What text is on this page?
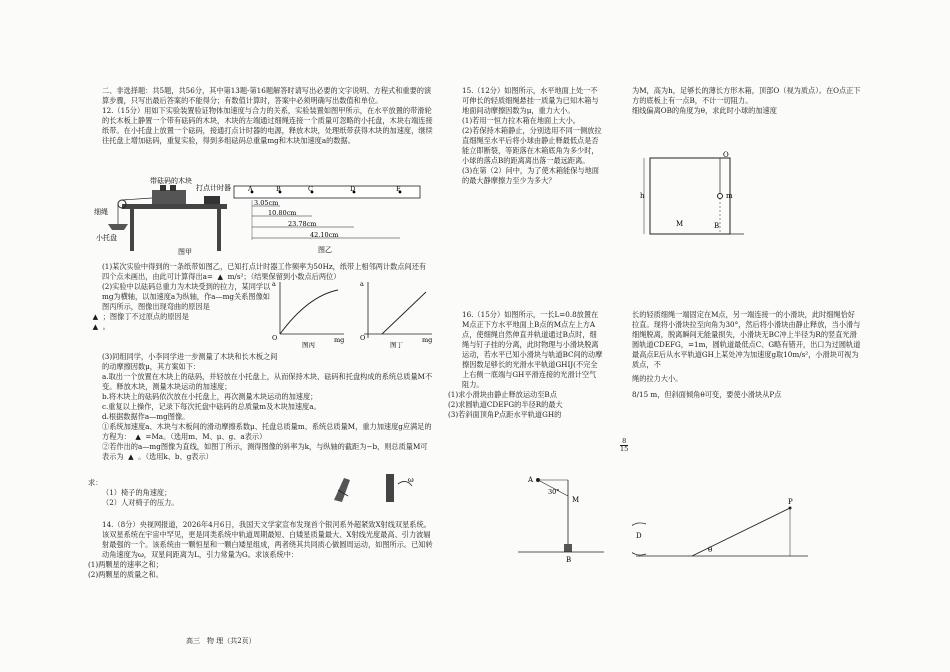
二、非选择题：共5题，共56分，其中第13题-第16题解答时请写出必要的文字说明、方程式和重要的演算步骤，只写出最后答案的不能得分；有数值计算时，答案中必须明确写出数值和单位。

12.（15分）用如下实验装置验证物体加速度与合力的关系，实验装置如图甲所示，在水平放置的带滑轮的长木板上静置一个带有砝码的木块，木块的左端通过细绳连接一个质量可忽略的小托盘，木块右端连接纸带。在小托盘上放置一个砝码，接通打点计时器的电源，释放木块，处理纸带获得木块的加速度，继续往托盘上增加砝码，重复实验，得到多组砝码总重量mg和木块加速度a的数据。

带砝码的木块
打点计时器
细绳
小托盘
图甲
A	B	C	D	E
3.05cm
10.80cm
23.78cm
42.10cm
图乙

(1)某次实验中得到的一条纸带如图乙，已知打点计时器工作频率为50Hz，纸带上相邻两计数点间还有四个点未画出，由此可计算得出a=  ▲  m/s²；（结果保留到小数点后两位）

(2)实验中以砝码总重力为木块受到的拉力，某同学以mg为横轴，以加速度a为纵轴，作a—mg关系图像如图丙所示，图像出现弯曲的原因是

▲  ；图像丁不过原点的原因是

▲  。

a
O	mg
图丙
a
O	mg
图丁

(3)同组同学，小李同学进一步测量了木块和长木板之间的动摩擦因数μ，其方案如下：

a.取出一个放置在木块上的砝码，并轻放在小托盘上，从而保持木块、砝码和托盘构成的系统总质量M不变。释放木块，测量木块运动的加速度；

b.将木块上的砝码依次放在小托盘上，再次测量木块运动的加速度；

c.重复以上操作，记录下每次托盘中砝码的总质量m及木块加速度a。

d.根据数据作a—mg图像。

①系统加速度a、木块与木板间的滑动摩擦系数μ、托盘总质量m、系统总质量M，重力加速度g应满足的方程为：  ▲  =Ma。（选用m、M、μ、g、a表示）

②若作出的a—mg图像为直线，如图丁所示，测得图像的斜率为k，与纵轴的截距为−b，则总质量M可表示为  ▲  。（选用k、b、g表示）

求：

（1）椅子的角速度；

（2）人对椅子的压力。

ω

14.（8分）央视网报道，2026年4月6日，我国天文学家宣布发现首个银河系外超紧致X射线双星系统。该双星系统在宇宙中罕见，更是同类系统中轨道周期最短、白矮星质量最大、X射线光度最高、引力波辐射最强的一个。该系统由一颗恒星和一颗白矮星组成，两者绕其共同质心做圆周运动，如图所示。已知转动角速度为ω，双星间距离为L，引力常量为G。求该系统中：

(1)两颗星的速率之和；

(2)两颗星的质量之和。

高三　物 理（共2页）

15.（12分）如图所示，水平地面上处一不可伸长的轻质细绳悬挂一质量为已知木箱与地面间动摩擦因数为μ，重力大小。

(1)若用一恒力拉木箱在地面上大小。

(2)若保持木箱静止，分别选用不同一侧放拉直细绳至水平后将小球由静止释最低点是否能立即断裂，等距落在木箱底角为多少时，小球的落点B的距离离出落一最远距离。

(3)在第（2）问中，为了使木箱能保与地面的最大静摩擦力至少为多大？

16.（15分）如图所示，一长L=0.8放置在M点正下方水平地面上B点的M点左上方A点，使细绳自然伸直并轨道通过B点时，细绳与钉子挂的分离，此时物理与小滑块脱离运动，若水平已知小滑块与轨道BC间的动摩擦因数足够长的光滑水平轨道GHIJ(不完全上右侧一底端与GH平滑连接的光滑计空气阻力。

(1)求小滑块由静止释放运动至B点

(2)求圆轨道CDEFG的半径R的最大

(3)若斜面顶角P点距水平轨道GH的

A
30°
M
B

为M，高为h，足够长的薄长方形木箱，顶部O（视为质点）。在O点正下方的底板上有一点B，不计一切阻力。

细线偏离OB的角度为θ，求此时小球的加速度

O
m
h
M	B

长的轻质细绳一端固定在M点，另一端连接一的小滑块，此时细绳恰好拉直。现将小滑块拉至向角为30°，然后将小滑块由静止释放，当小滑与细绳脱离，脱离瞬间无能量损失，小滑块无BC冲上半径为R的竖直光滑圆轨道CDEFG，=1m，圆轨道最低点C、G略有错开，出口为过圆轨道最高点E后从水平轨道GH上某处冲为加速度g取10m/s²，小滑块可视为质点，不

绳的拉力大小。

8/15 m，但斜面倾角θ可变，要使小滑块从P点

D
P
θ
$\frac{8}{15}$
